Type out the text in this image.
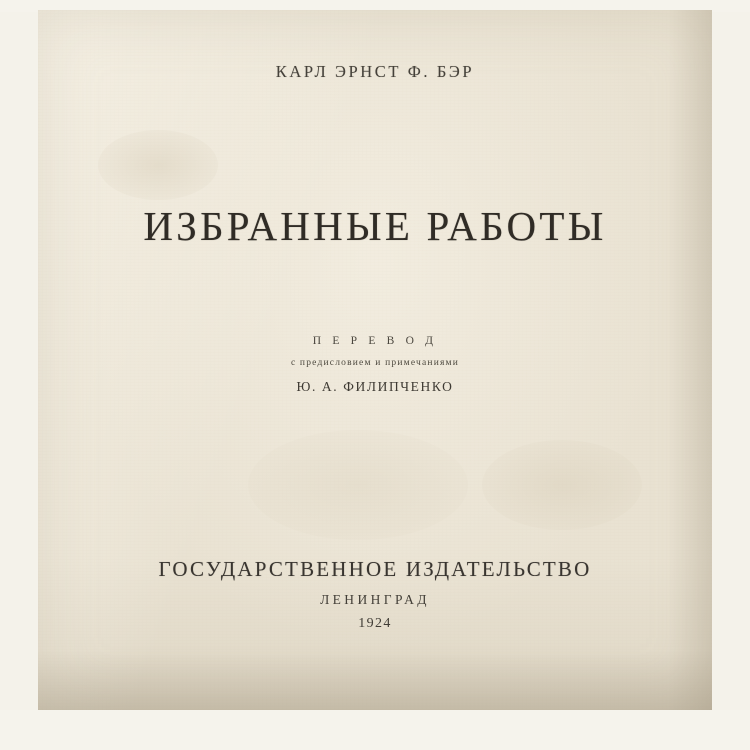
КАРЛ ЭРНСТ Ф. БЭР
ИЗБРАННЫЕ РАБОТЫ
П Е Р Е В О Д
с предисловием и примечаниями
Ю. А. ФИЛИПЧЕНКО
ГОСУДАРСТВЕННОЕ ИЗДАТЕЛЬСТВО
ЛЕНИНГРАД
1924
